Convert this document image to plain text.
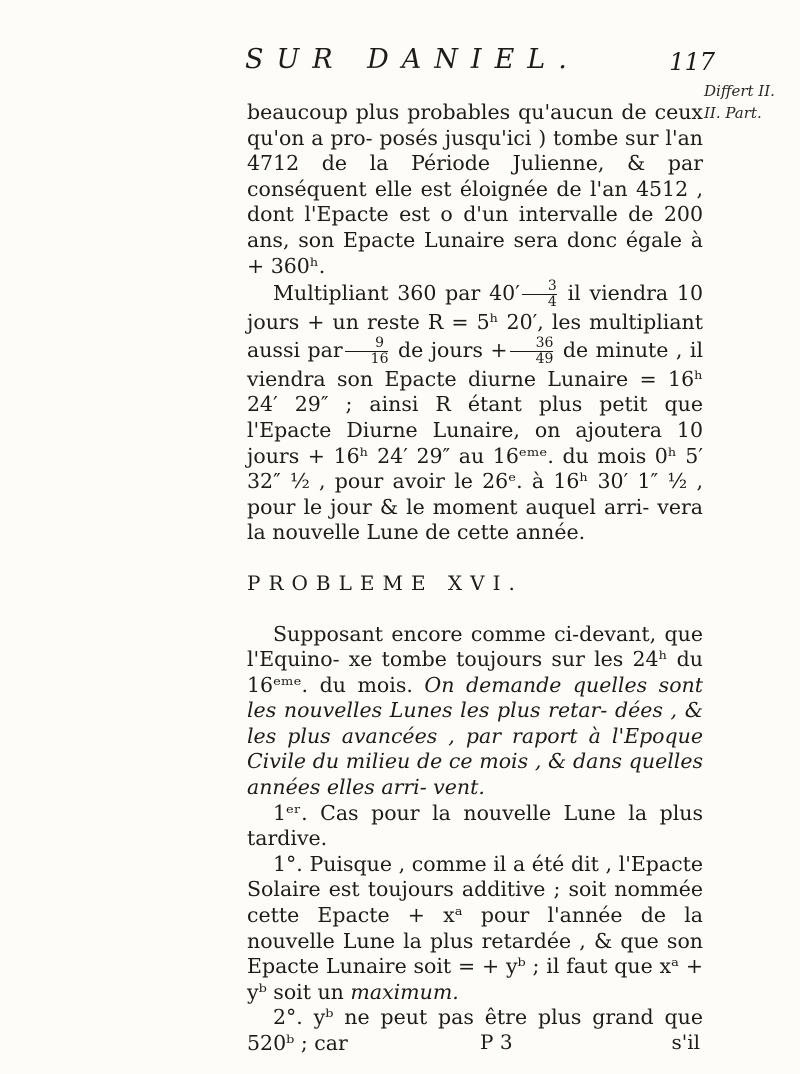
SUR DANIEL.	117
Differt II.
II. Part.

beaucoup plus probables qu'aucun de ceux qu'on a pro- posés jusqu'ici ) tombe sur l'an 4712 de la Période Julienne, & par conséquent elle est éloignée de l'an 4512 , dont l'Epacte est o d'un intervalle de 200 ans, son Epacte Lunaire sera donc égale à + 360ʰ.

Multipliant 360 par $40' \frac{3}{4}$ il viendra 10 jours + un reste R = 5ʰ 20′, les multipliant aussi par $\frac{9}{16}$ de jours + $\frac{36}{49}$ de minute , il viendra son Epacte diurne Lunaire = 16ʰ 24′ 29″ ; ainsi R étant plus petit que l'Epacte Diurne Lunaire, on ajoutera 10 jours + 16ʰ 24′ 29″ au 16ᵉᵐᵉ. du mois 0ʰ 5′ 32″ ½ , pour avoir le 26ᵉ. à 16ʰ 30′ 1″ ½ , pour le jour & le moment auquel arri- vera la nouvelle Lune de cette année.

PROBLEME XVI.

Supposant encore comme ci-devant, que l'Equino- xe tombe toujours sur les 24ʰ du 16ᵉᵐᵉ. du mois. On demande quelles sont les nouvelles Lunes les plus retar- dées , & les plus avancées , par raport à l'Epoque Civile du milieu de ce mois , & dans quelles années elles arri- vent.

1ᵉʳ. Cas pour la nouvelle Lune la plus tardive.

1°. Puisque , comme il a été dit , l'Epacte Solaire est toujours additive ; soit nommée cette Epacte + xᵃ pour l'année de la nouvelle Lune la plus retardée , & que son Epacte Lunaire soit = + yᵇ ; il faut que xᵃ + yᵇ soit un maximum.

2°. yᵇ ne peut pas être plus grand que 520ᵇ ; car	P 3	s'il
